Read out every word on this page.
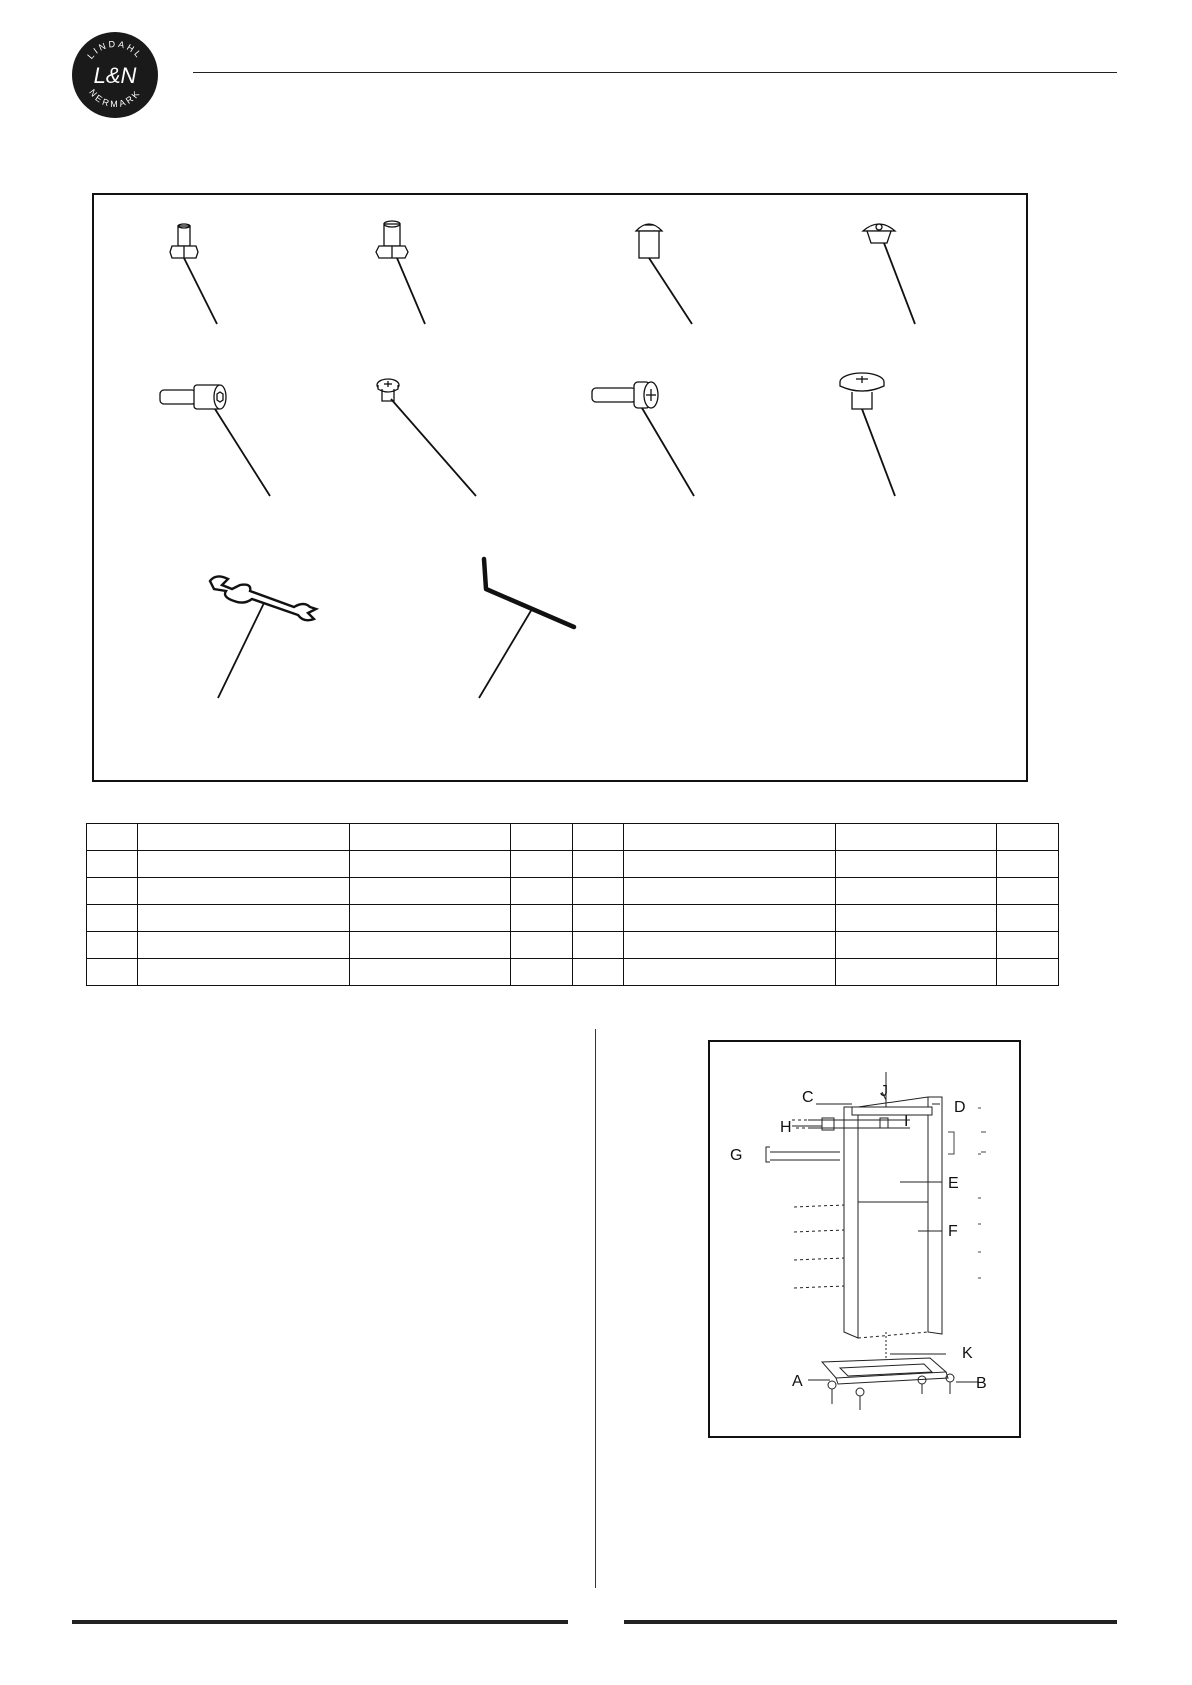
LINDAHL
L&N
NERMARK

C
D
H	I
J
G
E
F
K
A	B
